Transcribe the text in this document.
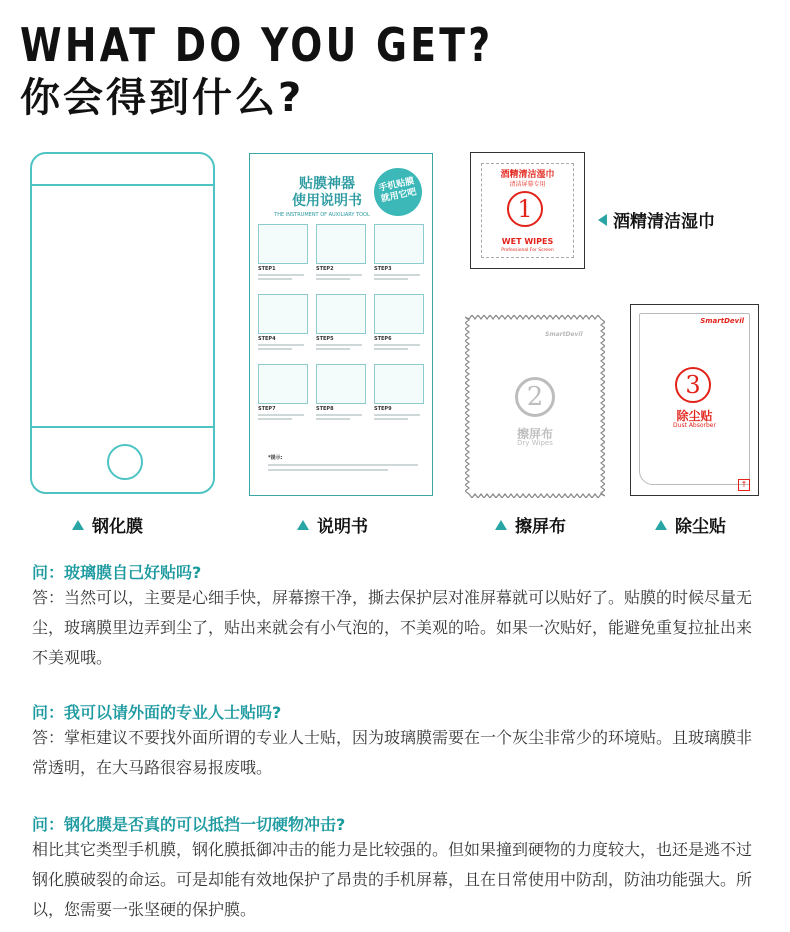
WHAT DO YOU GET?
你会得到什么?
贴膜神器
使用说明书
THE INSTRUMENT OF AUXILIARY TOOL
手机贴膜 就用它吧
STEP1	STEP2	STEP3
STEP4	STEP5	STEP6
STEP7	STEP8	STEP9
*提示:
酒精清洁湿巾
清洁屏幕专用
1
WET WIPES
Professional For Screen
酒精清洁湿巾
SmartDevil
2
擦屏布
Dry Wipes
SmartDevil
3
除尘贴
Dust Absorber
↑
钢化膜	说明书	擦屏布	除尘贴
问：玻璃膜自己好贴吗?
答：当然可以，主要是心细手快，屏幕擦干净，撕去保护层对准屏幕就可以贴好了。贴膜的时候尽量无尘，玻璃膜里边弄到尘了，贴出来就会有小气泡的，不美观的哈。如果一次贴好，能避免重复拉扯出来不美观哦。
问：我可以请外面的专业人士贴吗?
答：掌柜建议不要找外面所谓的专业人士贴，因为玻璃膜需要在一个灰尘非常少的环境贴。且玻璃膜非常透明，在大马路很容易报废哦。
问：钢化膜是否真的可以抵挡一切硬物冲击?
相比其它类型手机膜，钢化膜抵御冲击的能力是比较强的。但如果撞到硬物的力度较大，也还是逃不过钢化膜破裂的命运。可是却能有效地保护了昂贵的手机屏幕，且在日常使用中防刮，防油功能强大。所以，您需要一张坚硬的保护膜。
